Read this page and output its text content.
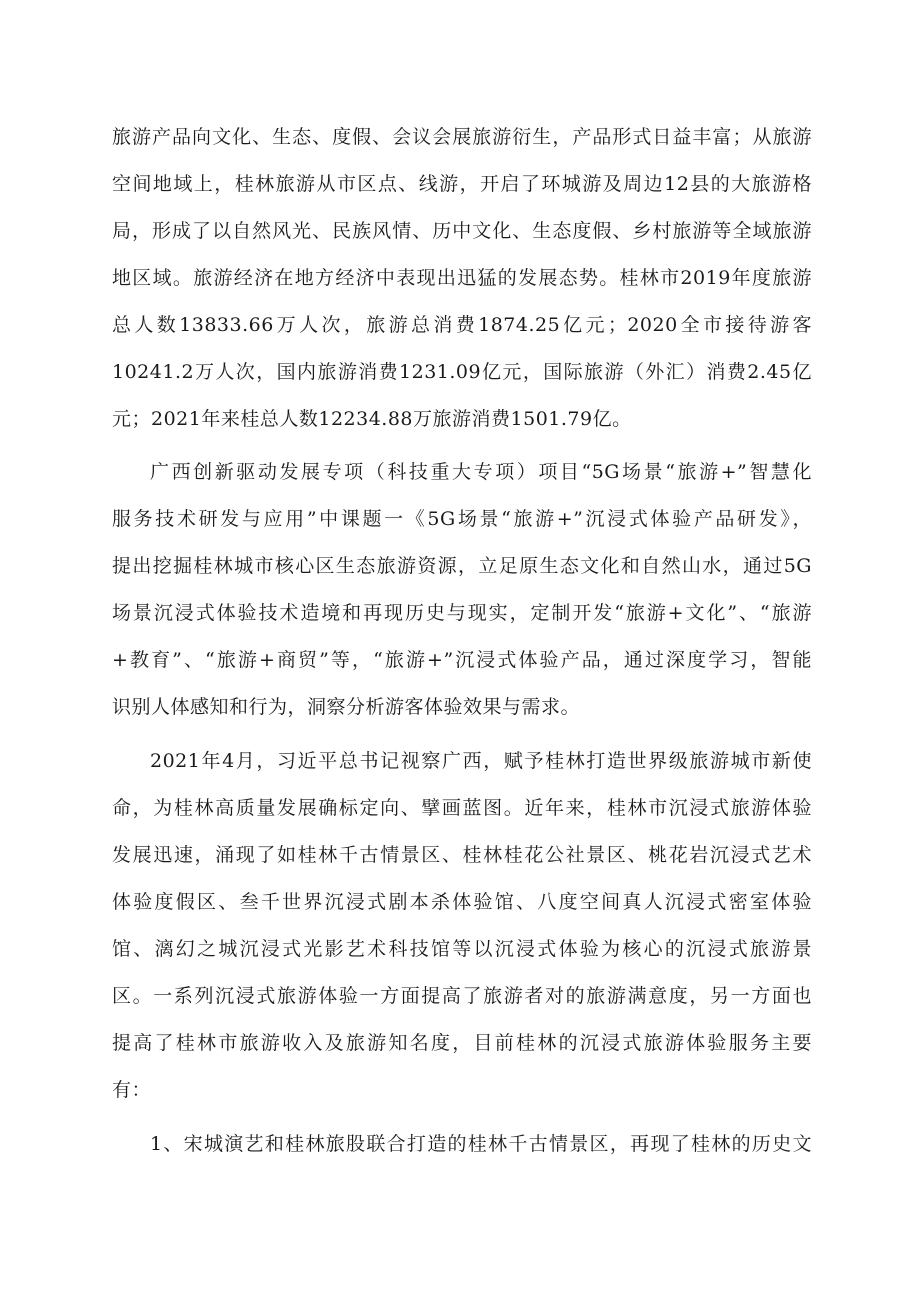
旅游产品向文化、生态、度假、会议会展旅游衍生，产品形式日益丰富；从旅游
空间地域上，桂林旅游从市区点、线游，开启了环城游及周边12县的大旅游格
局，形成了以自然风光、民族风情、历中文化、生态度假、乡村旅游等全域旅游
地区域。旅游经济在地方经济中表现出迅猛的发展态势。桂林市2019年度旅游
总人数13833.66万人次，旅游总消费1874.25亿元；2020全市接待游客
10241.2万人次，国内旅游消费1231.09亿元，国际旅游（外汇）消费2.45亿
元；2021年来桂总人数12234.88万旅游消费1501.79亿。
广西创新驱动发展专项（科技重大专项）项目“5G场景“旅游+”智慧化
服务技术研发与应用”中课题一《5G场景“旅游+”沉浸式体验产品研发》，
提出挖掘桂林城市核心区生态旅游资源，立足原生态文化和自然山水，通过5G
场景沉浸式体验技术造境和再现历史与现实，定制开发“旅游+文化”、“旅游
+教育”、“旅游+商贸”等，“旅游+”沉浸式体验产品，通过深度学习，智能
识别人体感知和行为，洞察分析游客体验效果与需求。
2021年4月，习近平总书记视察广西，赋予桂林打造世界级旅游城市新使
命，为桂林高质量发展确标定向、擘画蓝图。近年来，桂林市沉浸式旅游体验
发展迅速，涌现了如桂林千古情景区、桂林桂花公社景区、桃花岩沉浸式艺术
体验度假区、叁千世界沉浸式剧本杀体验馆、八度空间真人沉浸式密室体验
馆、漓幻之城沉浸式光影艺术科技馆等以沉浸式体验为核心的沉浸式旅游景
区。一系列沉浸式旅游体验一方面提高了旅游者对的旅游满意度，另一方面也
提高了桂林市旅游收入及旅游知名度，目前桂林的沉浸式旅游体验服务主要
有：
1、宋城演艺和桂林旅股联合打造的桂林千古情景区，再现了桂林的历史文
